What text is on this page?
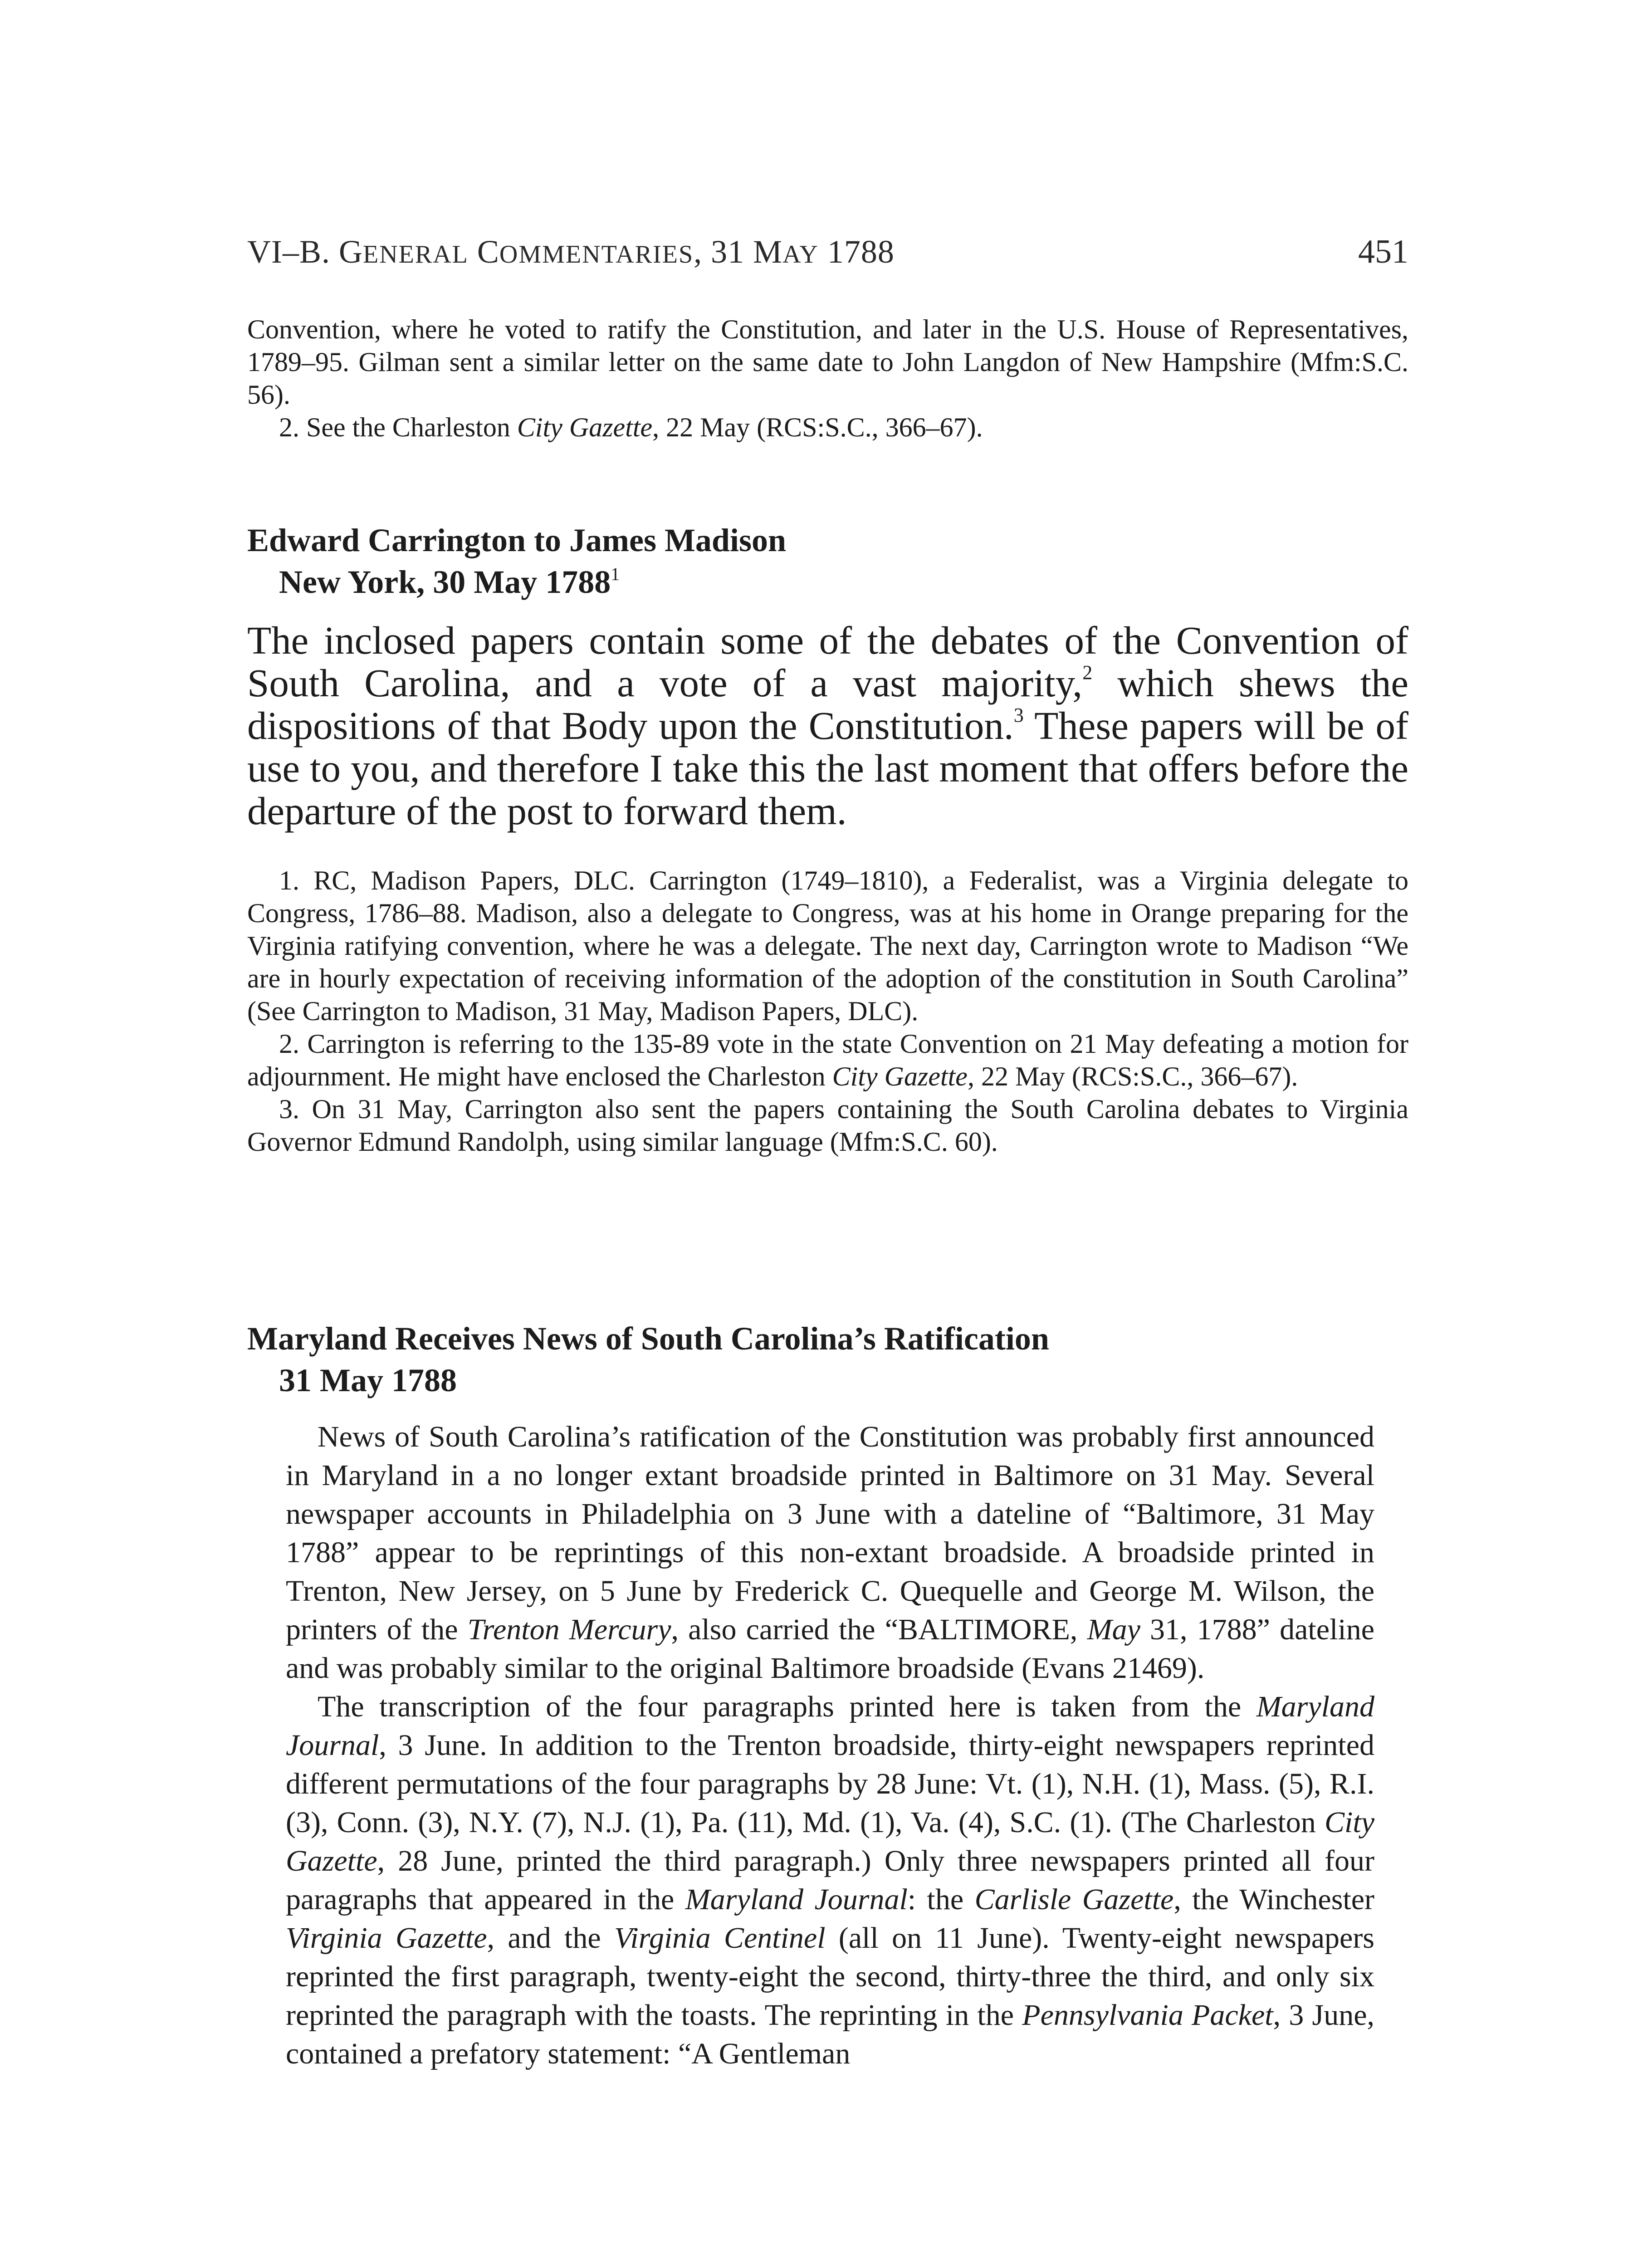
VI–B. GENERAL COMMENTARIES, 31 MAY 1788	451

Convention, where he voted to ratify the Constitution, and later in the U.S. House of Representatives, 1789–95. Gilman sent a similar letter on the same date to John Langdon of New Hampshire (Mfm:S.C. 56).

2. See the Charleston City Gazette, 22 May (RCS:S.C., 366–67).

Edward Carrington to James Madison
New York, 30 May 1788$^1$

The inclosed papers contain some of the debates of the Convention of South Carolina, and a vote of a vast majority,$^2$ which shews the dispositions of that Body upon the Constitution.$^3$ These papers will be of use to you, and therefore I take this the last moment that offers before the departure of the post to forward them.

1. RC, Madison Papers, DLC. Carrington (1749–1810), a Federalist, was a Virginia delegate to Congress, 1786–88. Madison, also a delegate to Congress, was at his home in Orange preparing for the Virginia ratifying convention, where he was a delegate. The next day, Carrington wrote to Madison “We are in hourly expectation of receiving information of the adoption of the constitution in South Carolina” (See Carrington to Madison, 31 May, Madison Papers, DLC).

2. Carrington is referring to the 135-89 vote in the state Convention on 21 May defeating a motion for adjournment. He might have enclosed the Charleston City Gazette, 22 May (RCS:S.C., 366–67).

3. On 31 May, Carrington also sent the papers containing the South Carolina debates to Virginia Governor Edmund Randolph, using similar language (Mfm:S.C. 60).

Maryland Receives News of South Carolina’s Ratification
31 May 1788

News of South Carolina’s ratification of the Constitution was probably first announced in Maryland in a no longer extant broadside printed in Baltimore on 31 May. Several newspaper accounts in Philadelphia on 3 June with a dateline of “Baltimore, 31 May 1788” appear to be reprintings of this non-extant broadside. A broadside printed in Trenton, New Jersey, on 5 June by Frederick C. Quequelle and George M. Wilson, the printers of the Trenton Mercury, also carried the “BALTIMORE, May 31, 1788” dateline and was probably similar to the original Baltimore broadside (Evans 21469).

The transcription of the four paragraphs printed here is taken from the Maryland Journal, 3 June. In addition to the Trenton broadside, thirty-eight newspapers reprinted different permutations of the four paragraphs by 28 June: Vt. (1), N.H. (1), Mass. (5), R.I. (3), Conn. (3), N.Y. (7), N.J. (1), Pa. (11), Md. (1), Va. (4), S.C. (1). (The Charleston City Gazette, 28 June, printed the third paragraph.) Only three newspapers printed all four paragraphs that appeared in the Maryland Journal: the Carlisle Gazette, the Winchester Virginia Gazette, and the Virginia Centinel (all on 11 June). Twenty-eight newspapers reprinted the first paragraph, twenty-eight the second, thirty-three the third, and only six reprinted the paragraph with the toasts. The reprinting in the Pennsylvania Packet, 3 June, contained a prefatory statement: “A Gentleman
